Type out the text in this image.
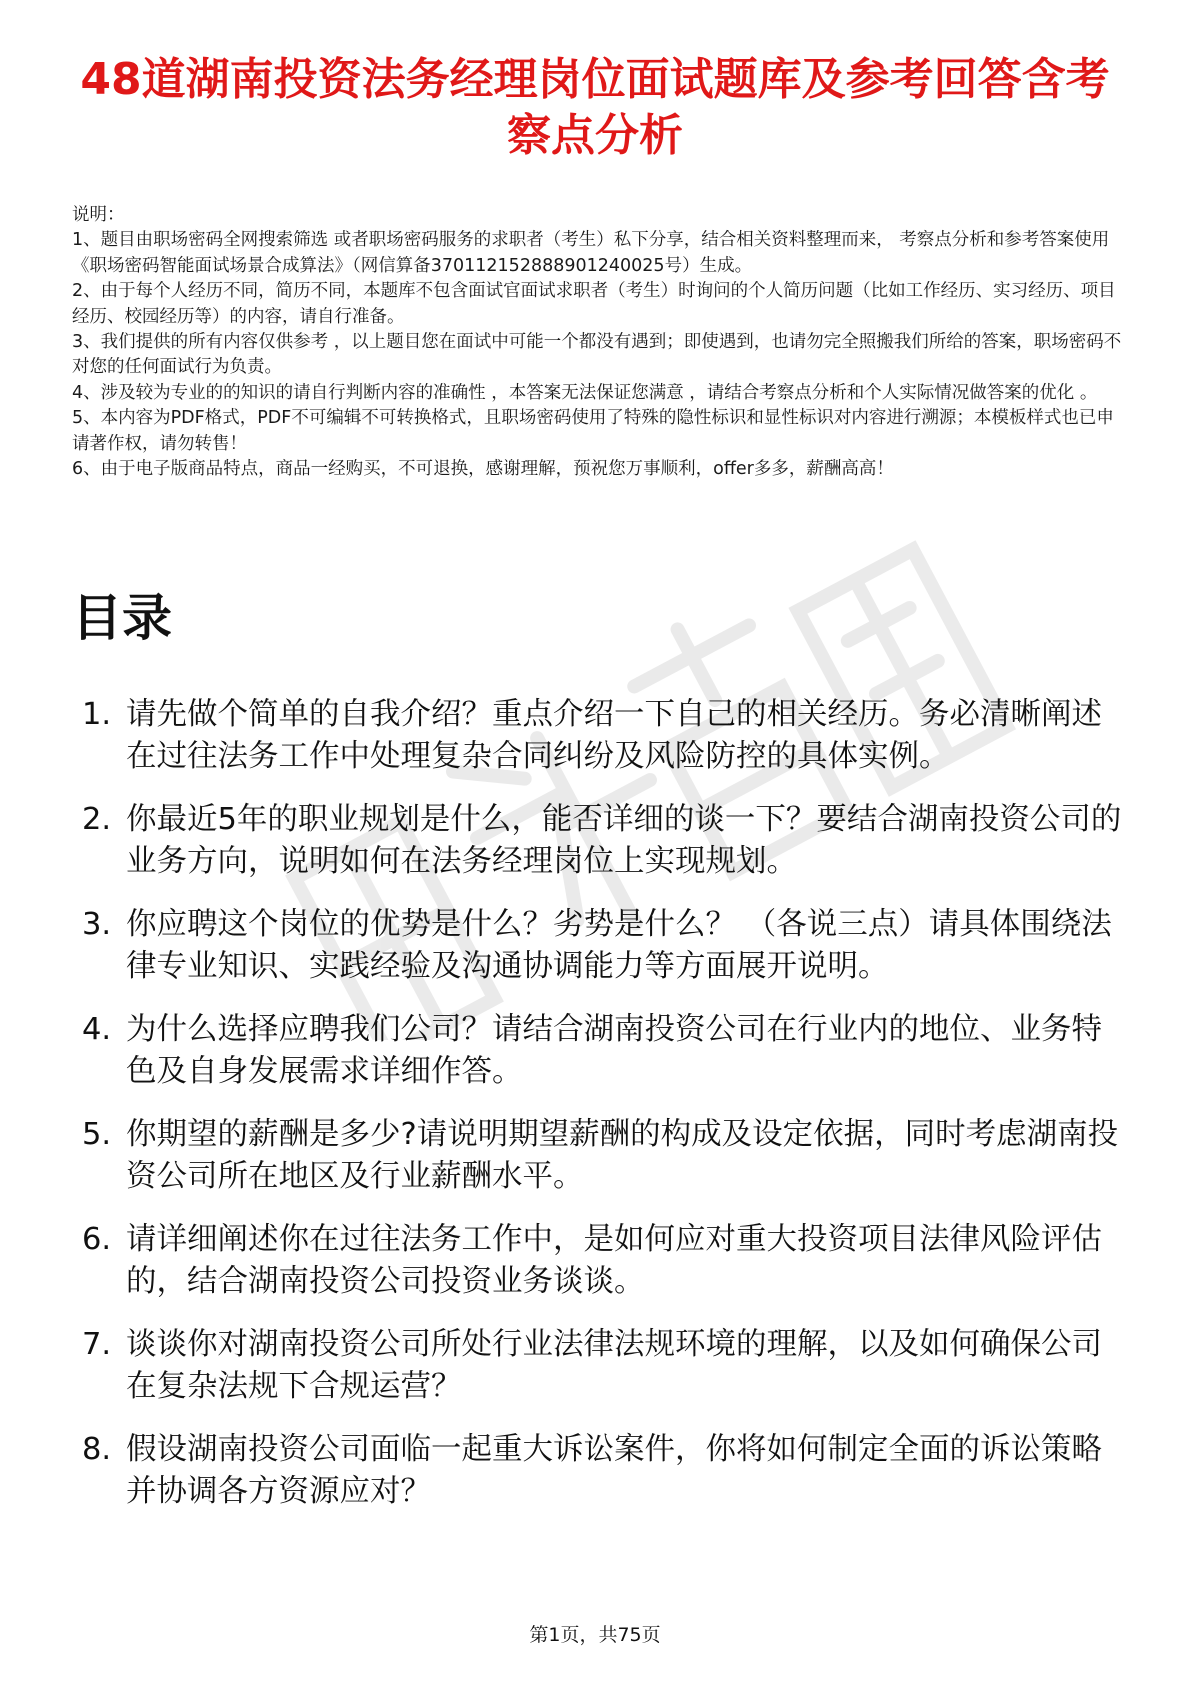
48道湖南投资法务经理岗位面试题库及参考回答含考察点分析

说明：

1、题目由职场密码全网搜索筛选 或者职场密码服务的求职者（考生）私下分享，结合相关资料整理而来， 考察点分析和参考答案使用《职场密码智能面试场景合成算法》（网信算备370112152888901240025号）生成。

2、由于每个人经历不同，简历不同，本题库不包含面试官面试求职者（考生）时询问的个人简历问题（比如工作经历、实习经历、项目经历、校园经历等）的内容，请自行准备。

3、我们提供的所有内容仅供参考 ，以上题目您在面试中可能一个都没有遇到；即使遇到，也请勿完全照搬我们所给的答案，职场密码不对您的任何面试行为负责。

4、涉及较为专业的的知识的请自行判断内容的准确性 ，本答案无法保证您满意 ，请结合考察点分析和个人实际情况做答案的优化 。

5、本内容为PDF格式，PDF不可编辑不可转换格式，且职场密码使用了特殊的隐性标识和显性标识对内容进行溯源；本模板样式也已申请著作权，请勿转售！

6、由于电子版商品特点，商品一经购买，不可退换，感谢理解，预祝您万事顺利，offer多多，薪酬高高！

目录
1. 请先做个简单的自我介绍？重点介绍一下自己的相关经历。务必清晰阐述在过往法务工作中处理复杂合同纠纷及风险防控的具体实例。
2. 你最近5年的职业规划是什么，能否详细的谈一下？要结合湖南投资公司的业务方向，说明如何在法务经理岗位上实现规划。
3. 你应聘这个岗位的优势是什么？劣势是什么？ （各说三点）请具体围绕法律专业知识、实践经验及沟通协调能力等方面展开说明。
4. 为什么选择应聘我们公司？请结合湖南投资公司在行业内的地位、业务特色及自身发展需求详细作答。
5. 你期望的薪酬是多少?请说明期望薪酬的构成及设定依据，同时考虑湖南投资公司所在地区及行业薪酬水平。
6. 请详细阐述你在过往法务工作中，是如何应对重大投资项目法律风险评估的，结合湖南投资公司投资业务谈谈。
7. 谈谈你对湖南投资公司所处行业法律法规环境的理解，以及如何确保公司在复杂法规下合规运营？
8. 假设湖南投资公司面临一起重大诉讼案件，你将如何制定全面的诉讼策略并协调各方资源应对？
第1页，共75页
